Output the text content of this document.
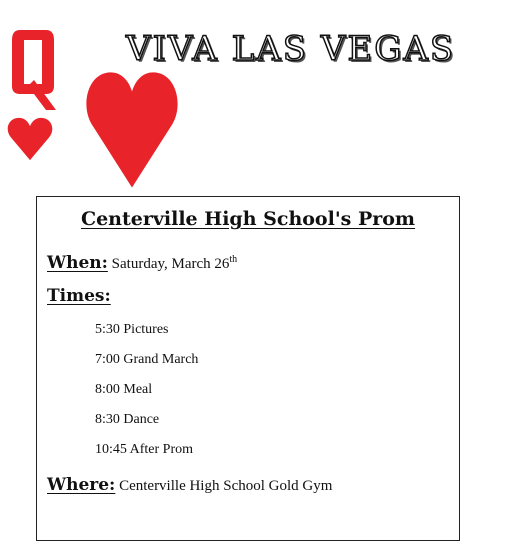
VIVA LAS VEGAS
Centerville High School's Prom
When: Saturday, March 26th
Times:
5:30 Pictures
7:00 Grand March
8:00 Meal
8:30 Dance
10:45 After Prom
Where: Centerville High School Gold Gym
